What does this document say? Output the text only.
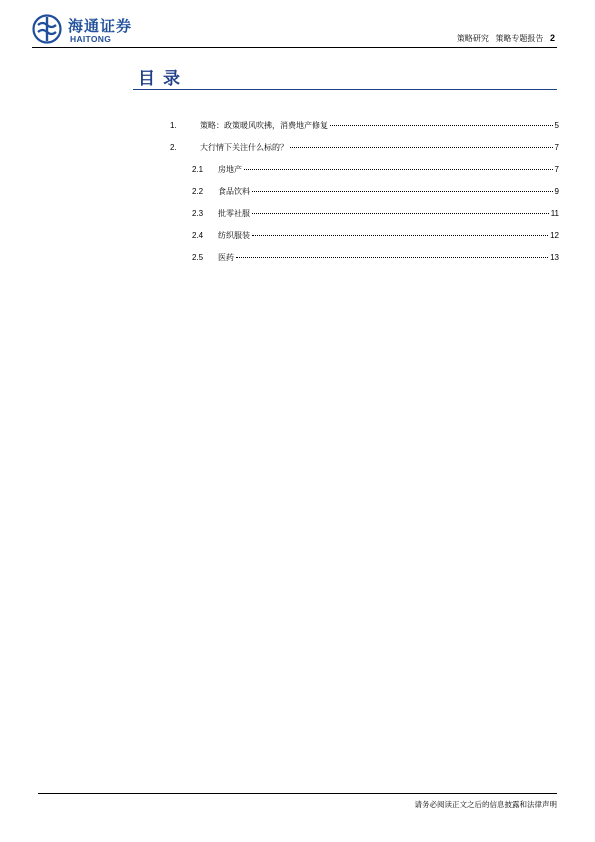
海通证券
HAITONG	策略研究 策略专题报告 2
目录
1.	策略：政策暖风吹拂，消费地产修复	5
2.	大行情下关注什么标的？	7
2.1	房地产	7
2.2	食品饮料	9
2.3	批零社服	11
2.4	纺织服装	12
2.5	医药	13
请务必阅读正文之后的信息披露和法律声明
